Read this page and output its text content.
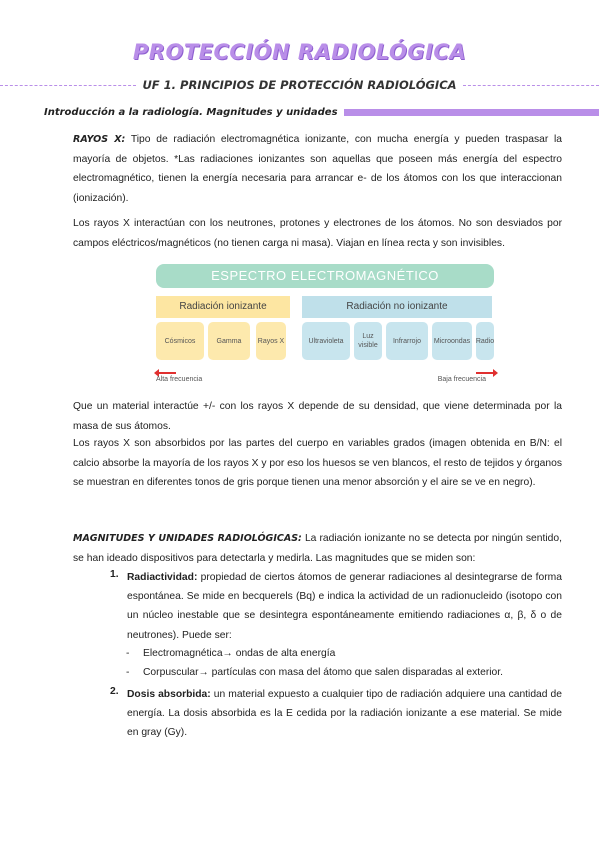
PROTECCIÓN RADIOLÓGICA
UF 1. PRINCIPIOS DE PROTECCIÓN RADIOLÓGICA
Introducción a la radiología. Magnitudes y unidades
RAYOS X: Tipo de radiación electromagnética ionizante, con mucha energía y pueden traspasar la mayoría de objetos. *Las radiaciones ionizantes son aquellas que poseen más energía del espectro electromagnético, tienen la energía necesaria para arrancar e- de los átomos con los que interaccionan (ionización).
Los rayos X interactúan con los neutrones, protones y electrones de los átomos. No son desviados por campos eléctricos/magnéticos (no tienen carga ni masa). Viajan en línea recta y son invisibles.
ESPECTRO ELECTROMAGNÉTICO
Radiación ionizante	Radiación no ionizante
Cósmicos	Gamma	Rayos X	Ultravioleta
Luz visible
Infrarrojo	Microondas Radio
Alta frecuencia	Baja frecuencia
Que un material interactúe +/- con los rayos X depende de su densidad, que viene determinada por la masa de sus átomos.
Los rayos X son absorbidos por las partes del cuerpo en variables grados (imagen obtenida en B/N: el calcio absorbe la mayoría de los rayos X y por eso los huesos se ven blancos, el resto de tejidos y órganos se muestran en diferentes tonos de gris porque tienen una menor absorción y el aire se ve en negro).
MAGNITUDES Y UNIDADES RADIOLÓGICAS: La radiación ionizante no se detecta por ningún sentido, se han ideado dispositivos para detectarla y medirla. Las magnitudes que se miden son:
1. Radiactividad: propiedad de ciertos átomos de generar radiaciones al desintegrarse de forma espontánea. Se mide en becquerels (Bq) e indica la actividad de un radionucleido (isotopo con un núcleo inestable que se desintegra espontáneamente emitiendo radiaciones α, β, δ o de neutrones). Puede ser:
- Electromagnética→ ondas de alta energía
- Corpuscular→ partículas con masa del átomo que salen disparadas al exterior.
2. Dosis absorbida: un material expuesto a cualquier tipo de radiación adquiere una cantidad de energía. La dosis absorbida es la E cedida por la radiación ionizante a ese material. Se mide en gray (Gy).
